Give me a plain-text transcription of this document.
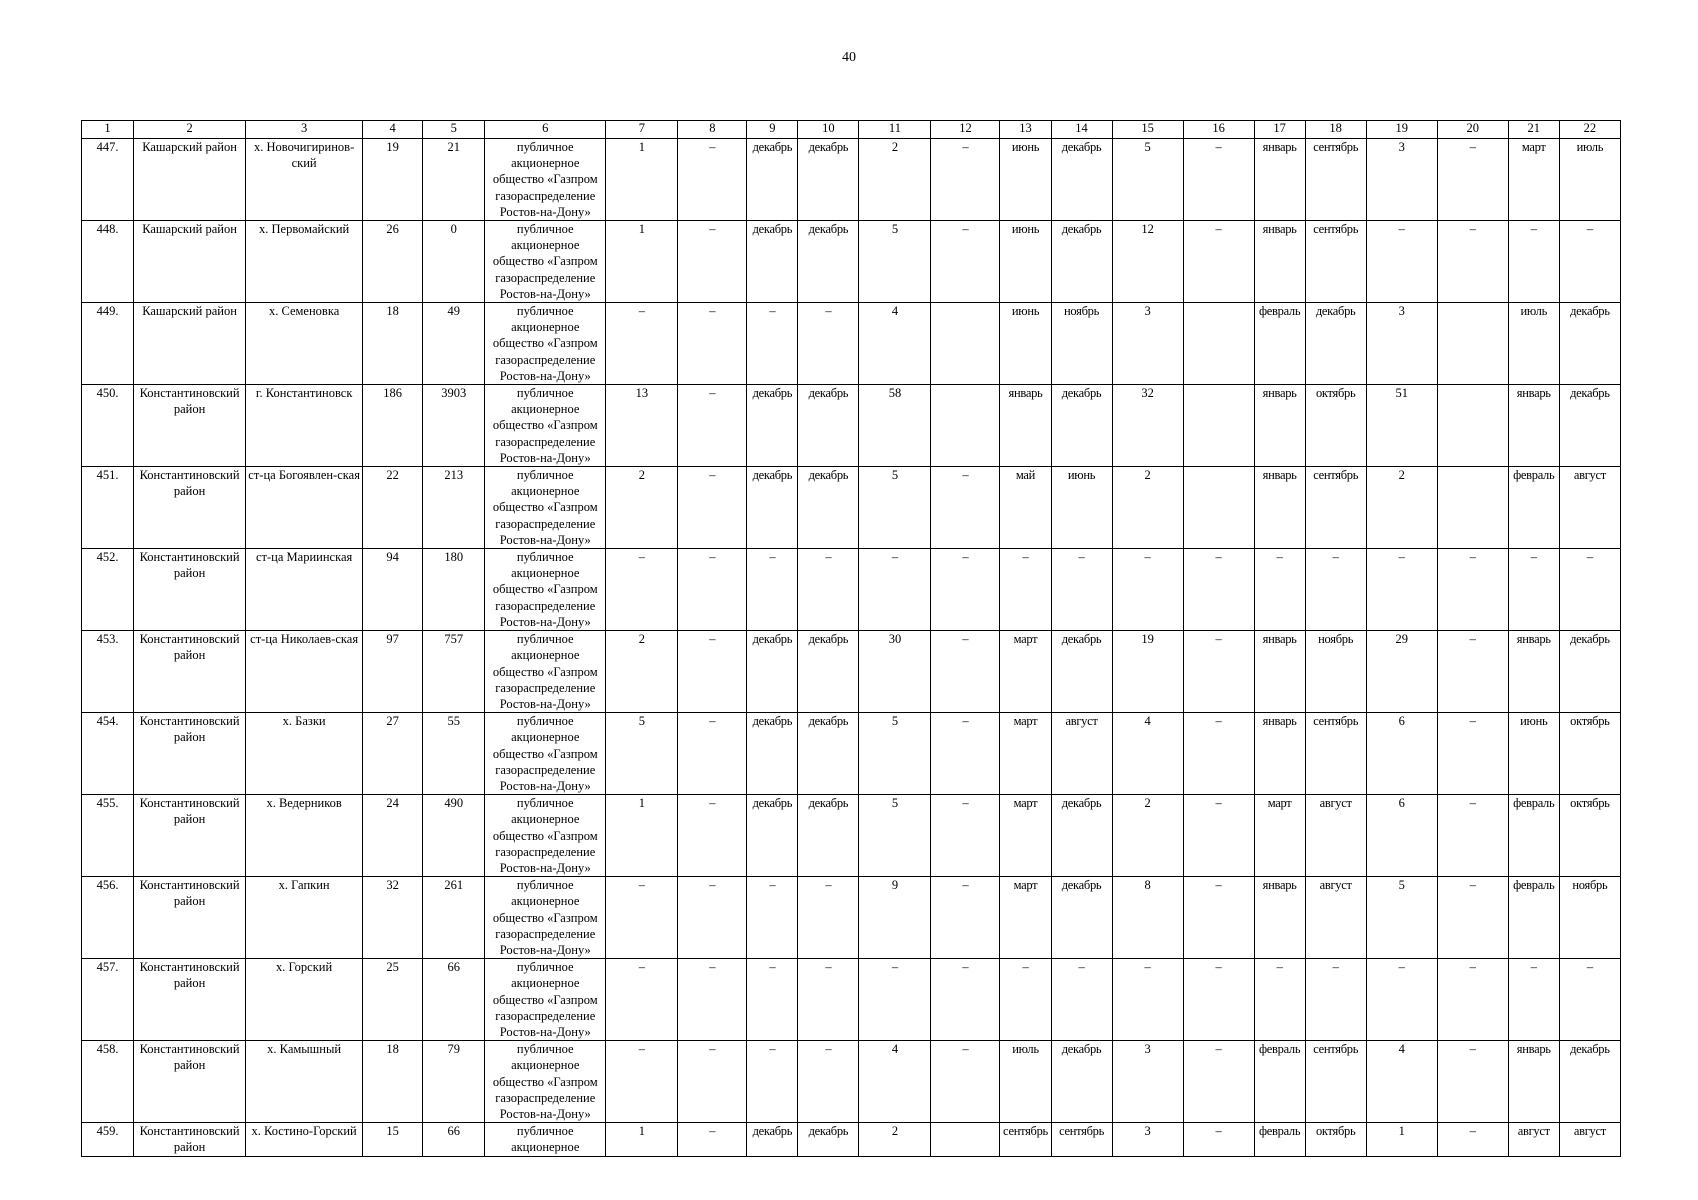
40
1	2	3	4	5	6	7	8	9	10	11	12	13	14	15	16	17	18	19	20	21	22
447.	Кашарский район	х. Новочигиринов-ский	19	21	публичное акционерное общество «Газпром газораспределение Ростов-на-Дону»	1	–	декабрь	декабрь	2	–	июнь	декабрь	5	–	январь	сентябрь	3	–	март	июль
448.	Кашарский район	х. Первомайский	26	0	публичное акционерное общество «Газпром газораспределение Ростов-на-Дону»	1	–	декабрь	декабрь	5	–	июнь	декабрь	12	–	январь	сентябрь	–	–	–	–
449.	Кашарский район	х. Семеновка	18	49	публичное акционерное общество «Газпром газораспределение Ростов-на-Дону»	–	–	–	–	4		июнь	ноябрь	3		февраль	декабрь	3		июль	декабрь
450.	Константиновский район	г. Константиновск	186	3903	публичное акционерное общество «Газпром газораспределение Ростов-на-Дону»	13	–	декабрь	декабрь	58		январь	декабрь	32		январь	октябрь	51		январь	декабрь
451.	Константиновский район	ст-ца Богоявлен-ская	22	213	публичное акционерное общество «Газпром газораспределение Ростов-на-Дону»	2	–	декабрь	декабрь	5	–	май	июнь	2		январь	сентябрь	2		февраль	август
452.	Константиновский район	ст-ца Мариинская	94	180	публичное акционерное общество «Газпром газораспределение Ростов-на-Дону»	–	–	–	–	–	–	–	–	–	–	–	–	–	–	–	–
453.	Константиновский район	ст-ца Николаев-ская	97	757	публичное акционерное общество «Газпром газораспределение Ростов-на-Дону»	2	–	декабрь	декабрь	30	–	март	декабрь	19	–	январь	ноябрь	29	–	январь	декабрь
454.	Константиновский район	х. Базки	27	55	публичное акционерное общество «Газпром газораспределение Ростов-на-Дону»	5	–	декабрь	декабрь	5	–	март	август	4	–	январь	сентябрь	6	–	июнь	октябрь
455.	Константиновский район	х. Ведерников	24	490	публичное акционерное общество «Газпром газораспределение Ростов-на-Дону»	1	–	декабрь	декабрь	5	–	март	декабрь	2	–	март	август	6	–	февраль	октябрь
456.	Константиновский район	х. Гапкин	32	261	публичное акционерное общество «Газпром газораспределение Ростов-на-Дону»	–	–	–	–	9	–	март	декабрь	8	–	январь	август	5	–	февраль	ноябрь
457.	Константиновский район	х. Горский	25	66	публичное акционерное общество «Газпром газораспределение Ростов-на-Дону»	–	–	–	–	–	–	–	–	–	–	–	–	–	–	–	–
458.	Константиновский район	х. Камышный	18	79	публичное акционерное общество «Газпром газораспределение Ростов-на-Дону»	–	–	–	–	4	–	июль	декабрь	3	–	февраль	сентябрь	4	–	январь	декабрь
459.	Константиновский район	х. Костино-Горский	15	66	публичное акционерное	1	–	декабрь	декабрь	2		сентябрь	сентябрь	3	–	февраль	октябрь	1	–	август	август
